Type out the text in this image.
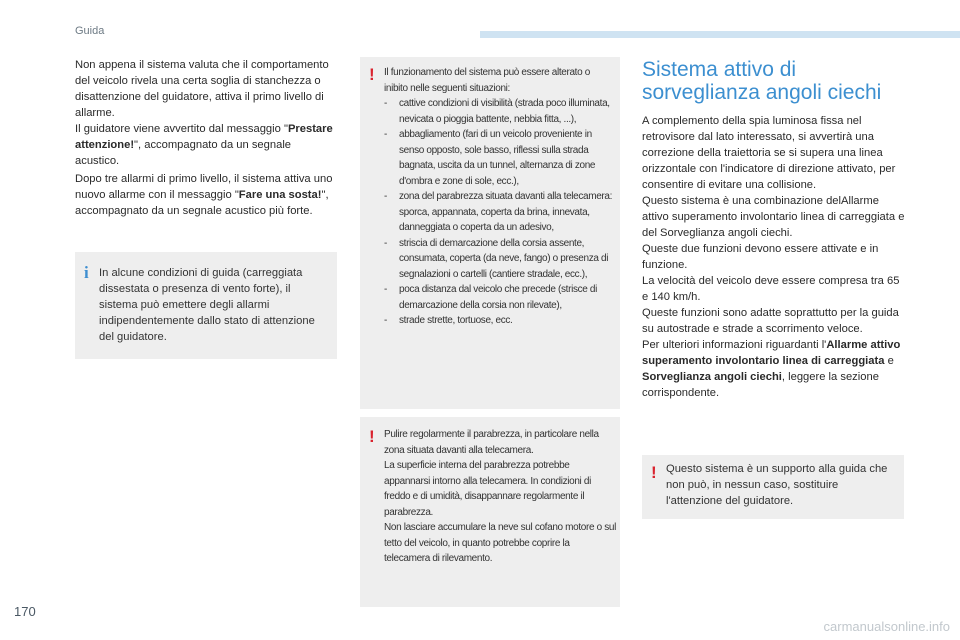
Guida

Non appena il sistema valuta che il comportamento del veicolo rivela una certa soglia di stanchezza o disattenzione del guidatore, attiva il primo livello di allarme.

Il guidatore viene avvertito dal messaggio "Prestare attenzione!", accompagnato da un segnale acustico.

Dopo tre allarmi di primo livello, il sistema attiva uno nuovo allarme con il messaggio "Fare una sosta!", accompagnato da un segnale acustico più forte.

i In alcune condizioni di guida (carreggiata dissestata o presenza di vento forte), il sistema può emettere degli allarmi indipendentemente dallo stato di attenzione del guidatore.
! Il funzionamento del sistema può essere alterato o inibito nelle seguenti situazioni:

- cattive condizioni di visibilità (strada poco illuminata, nevicata o pioggia battente, nebbia fitta, ...),
- abbagliamento (fari di un veicolo proveniente in senso opposto, sole basso, riflessi sulla strada bagnata, uscita da un tunnel, alternanza di zone d'ombra e zone di sole, ecc.),
- zona del parabrezza situata davanti alla telecamera: sporca, appannata, coperta da brina, innevata, danneggiata o coperta da un adesivo,
- striscia di demarcazione della corsia assente, consumata, coperta (da neve, fango) o presenza di segnalazioni o cartelli (cantiere stradale, ecc.),
- poca distanza dal veicolo che precede (strisce di demarcazione della corsia non rilevate),
- strade strette, tortuose, ecc.
! Pulire regolarmente il parabrezza, in particolare nella zona situata davanti alla telecamera.

La superficie interna del parabrezza potrebbe appannarsi intorno alla telecamera. In condizioni di freddo e di umidità, disappannare regolarmente il parabrezza.

Non lasciare accumulare la neve sul cofano motore o sul tetto del veicolo, in quanto potrebbe coprire la telecamera di rilevamento.

Sistema attivo di sorveglianza angoli ciechi

A complemento della spia luminosa fissa nel retrovisore dal lato interessato, si avvertirà una correzione della traiettoria se si supera una linea orizzontale con l'indicatore di direzione attivato, per consentire di evitare una collisione.

Questo sistema è una combinazione delAllarme attivo superamento involontario linea di carreggiata e del Sorveglianza angoli ciechi.

Queste due funzioni devono essere attivate e in funzione.

La velocità del veicolo deve essere compresa tra 65 e 140 km/h.

Queste funzioni sono adatte soprattutto per la guida su autostrade e strade a scorrimento veloce.

Per ulteriori informazioni riguardanti l'Allarme attivo superamento involontario linea di carreggiata e Sorveglianza angoli ciechi, leggere la sezione corrispondente.

! Questo sistema è un supporto alla guida che non può, in nessun caso, sostituire l'attenzione del guidatore.
170
carmanualsonline.info
